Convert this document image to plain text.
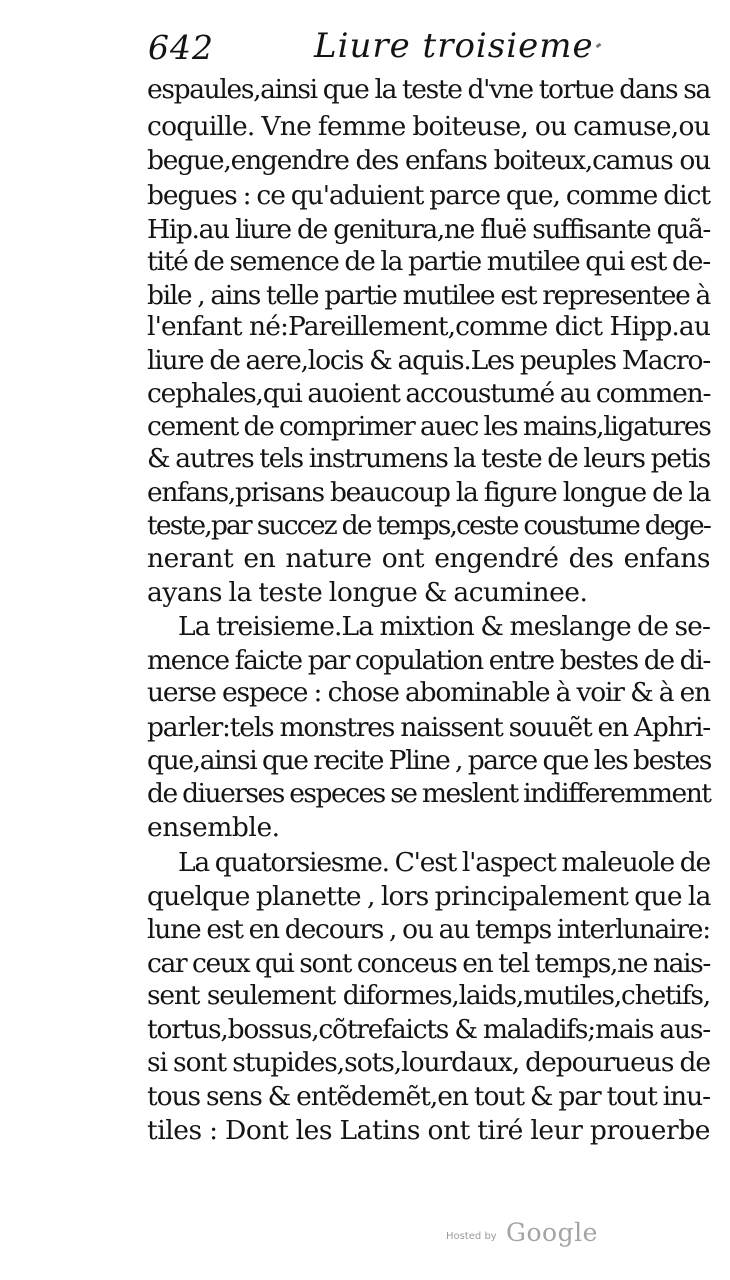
642	Liure troisieme
espaules,ainsi que la teste d'vne tortue dans sa
coquille. Vne femme boiteuse, ou camuse,ou
begue,engendre des enfans boiteux,camus ou
begues : ce qu'aduient parce que, comme dict
Hip.au liure de genitura,ne fluë suffisante quã-
tité de semence de la partie mutilee qui est de-
bile , ains telle partie mutilee est representee à
l'enfant né:Pareillement,comme dict Hipp.au
liure de aere,locis & aquis.Les peuples Macro-
cephales,qui auoient accoustumé au commen-
cement de comprimer auec les mains,ligatures
& autres tels instrumens la teste de leurs petis
enfans,prisans beaucoup la figure longue de la
teste,par succez de temps,ceste coustume dege-
nerant en nature ont engendré des enfans
ayans la teste longue & acuminee.
La treisieme.La mixtion & meslange de se-
mence faicte par copulation entre bestes de di-
uerse espece : chose abominable à voir & à en
parler:tels monstres naissent souuẽt en Aphri-
que,ainsi que recite Pline , parce que les bestes
de diuerses especes se meslent indifferemment
ensemble.
La quatorsiesme. C'est l'aspect maleuole de
quelque planette , lors principalement que la
lune est en decours , ou au temps interlunaire:
car ceux qui sont conceus en tel temps,ne nais-
sent seulement diformes,laids,mutiles,chetifs,
tortus,bossus,cõtrefaicts & maladifs;mais aus-
si sont stupides,sots,lourdaux, depourueus de
tous sens & entẽdemẽt,en tout & par tout inu-
tiles : Dont les Latins ont tiré leur prouerbe
Hosted by Google
